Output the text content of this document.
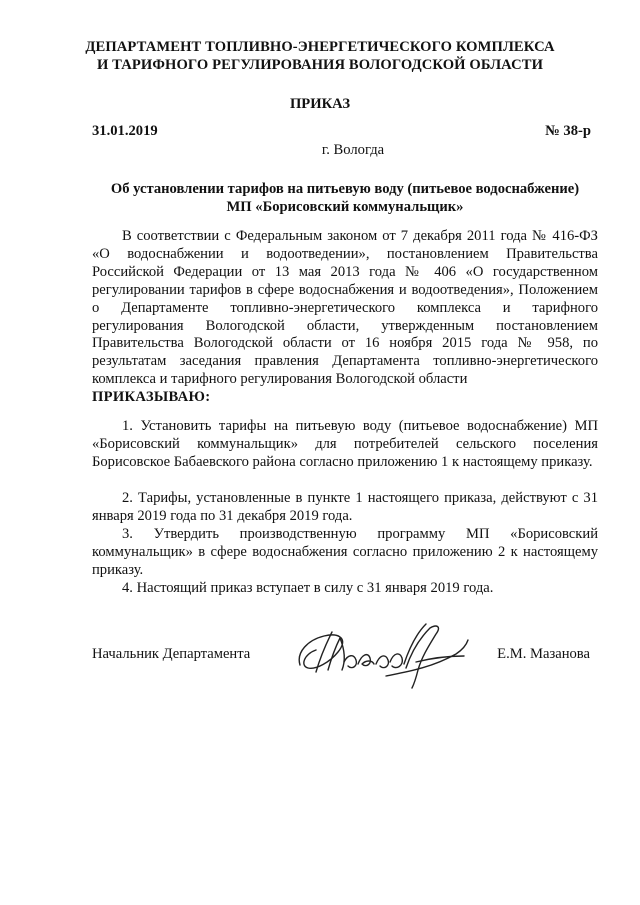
ДЕПАРТАМЕНТ ТОПЛИВНО-ЭНЕРГЕТИЧЕСКОГО КОМПЛЕКСА
И ТАРИФНОГО РЕГУЛИРОВАНИЯ ВОЛОГОДСКОЙ ОБЛАСТИ
ПРИКАЗ
31.01.2019	№ 38-р
г. Вологда
Об установлении тарифов на питьевую воду (питьевое водоснабжение)
МП «Борисовский коммунальщик»

В соответствии с Федеральным законом от 7 декабря 2011 года № 416-ФЗ «О водоснабжении и водоотведении», постановлением Правительства Российской Федерации от 13 мая 2013 года № 406 «О государственном регулировании тарифов в сфере водоснабжения и водоотведения», Положением о Департаменте топливно-энергетического комплекса и тарифного регулирования Вологодской области, утвержденным постановлением Правительства Вологодской области от 16 ноября 2015 года № 958, по результатам заседания правления Департамента топливно-энергетического комплекса и тарифного регулирования Вологодской области

ПРИКАЗЫВАЮ:

1. Установить тарифы на питьевую воду (питьевое водоснабжение) МП «Борисовский коммунальщик» для потребителей сельского поселения Борисовское Бабаевского района согласно приложению 1 к настоящему приказу.

2. Тарифы, установленные в пункте 1 настоящего приказа, действуют с 31 января 2019 года по 31 декабря 2019 года.

3. Утвердить производственную программу МП «Борисовский коммунальщик» в сфере водоснабжения согласно приложению 2 к настоящему приказу.

4. Настоящий приказ вступает в силу с 31 января 2019 года.

Начальник Департамента	Е.М. Мазанова
